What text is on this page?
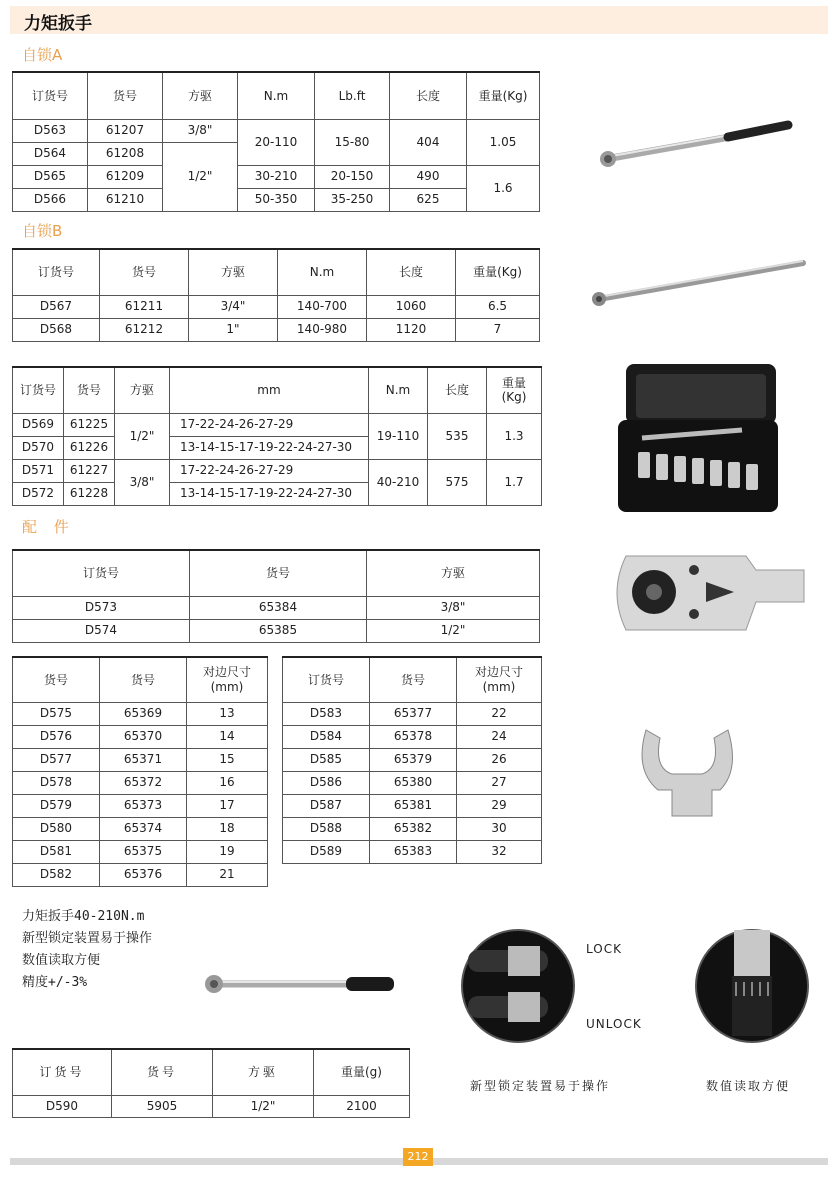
力矩扳手
自锁A
订货号	货号	方驱	N.m	Lb.ft	长度	重量(Kg)
D563	61207	3/8"	20-110	15-80	404	1.05
D564	61208	1/2"				
D565	61209		30-210	20-150	490	1.6
D566	61210		50-350	35-250	625	
自锁B
订货号	货号	方驱	N.m	长度	重量(Kg)
D567	61211	3/4"	140-700	1060	6.5
D568	61212	1"	140-980	1120	7
订货号	货号	方驱	mm	N.m	长度	重量
(Kg)

D569	61225	1/2"	17-22-24-26-27-29	19-110	535	1.3
D570	61226		13-14-15-17-19-22-24-27-30			
D571	61227	3/8"	17-22-24-26-27-29	40-210	575	1.7
D572	61228		13-14-15-17-19-22-24-27-30			
配 件
订货号	货号	方驱
D573	65384	3/8"
D574	65385	1/2"
货号	货号	对边尺寸
(mm)

D575	65369	13
D576	65370	14
D577	65371	15
D578	65372	16
D579	65373	17
D580	65374	18
D581	65375	19
D582	65376	21
订货号	货号	对边尺寸
(mm)

D583	65377	22
D584	65378	24
D585	65379	26
D586	65380	27
D587	65381	29
D588	65382	30
D589	65383	32
力矩扳手40-210N.m
新型锁定装置易于操作
数值读取方便
精度+/-3%
LOCK
UNLOCK
新型锁定装置易于操作	数值读取方便
订货号	货号	方驱	重量(g)
D590	5905	1/2"	2100
212
